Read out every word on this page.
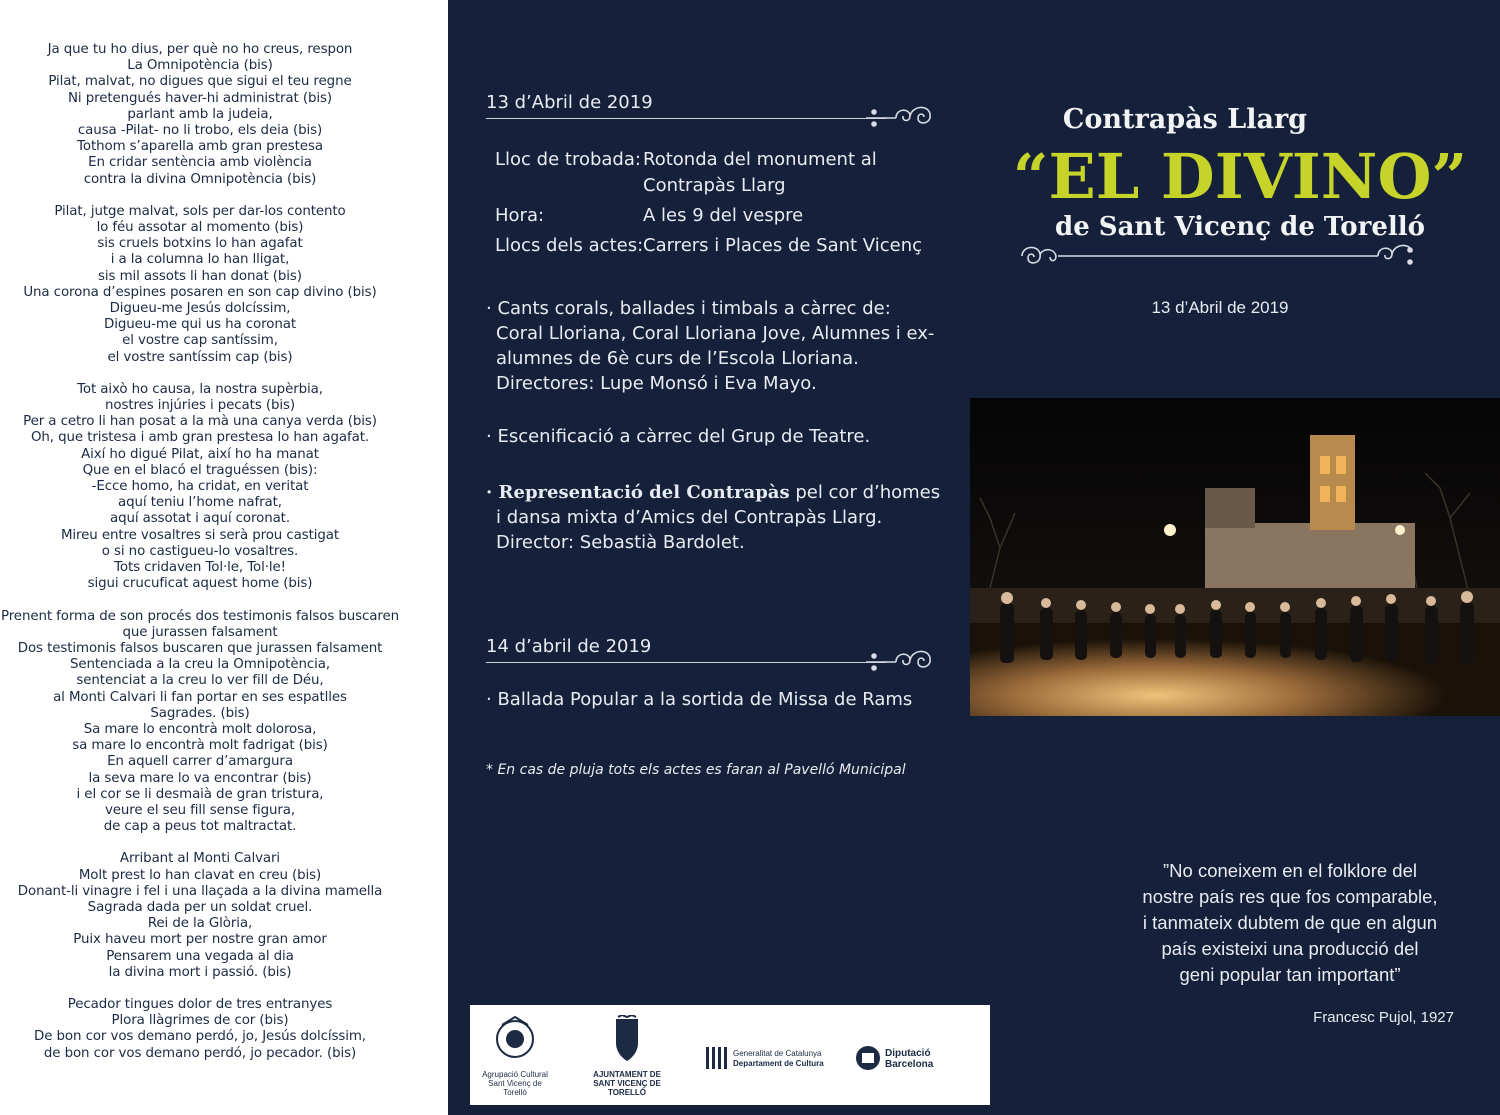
Ja que tu ho dius, per què no ho creus, respon
La Omnipotència (bis)
Pilat, malvat, no digues que sigui el teu regne
Ni pretengués haver-hi administrat (bis)
parlant amb la judeia,
causa -Pilat- no li trobo, els deia (bis)
Tothom s’aparella amb gran prestesa
En cridar sentència amb violència
contra la divina Omnipotència (bis)
Pilat, jutge malvat, sols per dar-los contento
lo féu assotar al momento (bis)
sis cruels botxins lo han agafat
i a la columna lo han lligat,
sis mil assots li han donat (bis)
Una corona d’espines posaren en son cap divino (bis)
Digueu-me Jesús dolcíssim,
Digueu-me qui us ha coronat
el vostre cap santíssim,
el vostre santíssim cap (bis)
Tot això ho causa, la nostra supèrbia,
nostres injúries i pecats (bis)
Per a cetro li han posat a la mà una canya verda (bis)
Oh, que tristesa i amb gran prestesa lo han agafat.
Així ho digué Pilat, així ho ha manat
Que en el blacó el traguéssen (bis):
-Ecce homo, ha cridat, en veritat
aquí teniu l’home nafrat,
aquí assotat i aquí coronat.
Mireu entre vosaltres si serà prou castigat
o si no castigueu-lo vosaltres.
Tots cridaven Tol·le, Tol·le!
sigui crucuficat aquest home (bis)
Prenent forma de son procés dos testimonis falsos buscaren
que jurassen falsament
Dos testimonis falsos buscaren que jurassen falsament
Sentenciada a la creu la Omnipotència,
sentenciat a la creu lo ver fill de Déu,
al Monti Calvari li fan portar en ses espatlles
Sagrades. (bis)
Sa mare lo encontrà molt dolorosa,
sa mare lo encontrà molt fadrigat (bis)
En aquell carrer d’amargura
la seva mare lo va encontrar (bis)
i el cor se li desmaià de gran tristura,
veure el seu fill sense figura,
de cap a peus tot maltractat.
Arribant al Monti Calvari
Molt prest lo han clavat en creu (bis)
Donant-li vinagre i fel i una llaçada a la divina mamella
Sagrada dada per un soldat cruel.
Rei de la Glòria,
Puix haveu mort per nostre gran amor
Pensarem una vegada al dia
la divina mort i passió. (bis)
Pecador tingues dolor de tres entranyes
Plora llàgrimes de cor (bis)
De bon cor vos demano perdó, jo, Jesús dolcíssim,
de bon cor vos demano perdó, jo pecador. (bis)
13 d’Abril de 2019
Lloc de trobada: Rotonda del monument al
Contrapàs Llarg
Hora:	A les 9 del vespre
Llocs dels actes: Carrers i Places de Sant Vicenç
· Cants corals, ballades i timbals a càrrec de:
Coral Lloriana, Coral Lloriana Jove, Alumnes i ex-
alumnes de 6è curs de l’Escola Lloriana.
Directores: Lupe Monsó i Eva Mayo.
· Escenificació a càrrec del Grup de Teatre.
· Representació del Contrapàs pel cor d’homes
i dansa mixta d’Amics del Contrapàs Llarg.
Director: Sebastià Bardolet.
14 d’abril de 2019
· Ballada Popular a la sortida de Missa de Rams
* En cas de pluja tots els actes es faran al Pavelló Municipal
Contrapàs Llarg
“EL DIVINO”
de Sant Vicenç de Torelló
13 d’Abril de 2019
”No coneixem en el folklore del
nostre país res que fos comparable,
i tanmateix dubtem de que en algun
país existeixi una producció del
geni popular tan important”
Francesc Pujol, 1927
Agrupació Cultural
Sant Vicenç de Torelló
AJUNTAMENT DE
SANT VICENÇ DE TORELLÓ
Generalitat de Catalunya
Departament de Cultura
Diputació
Barcelona
